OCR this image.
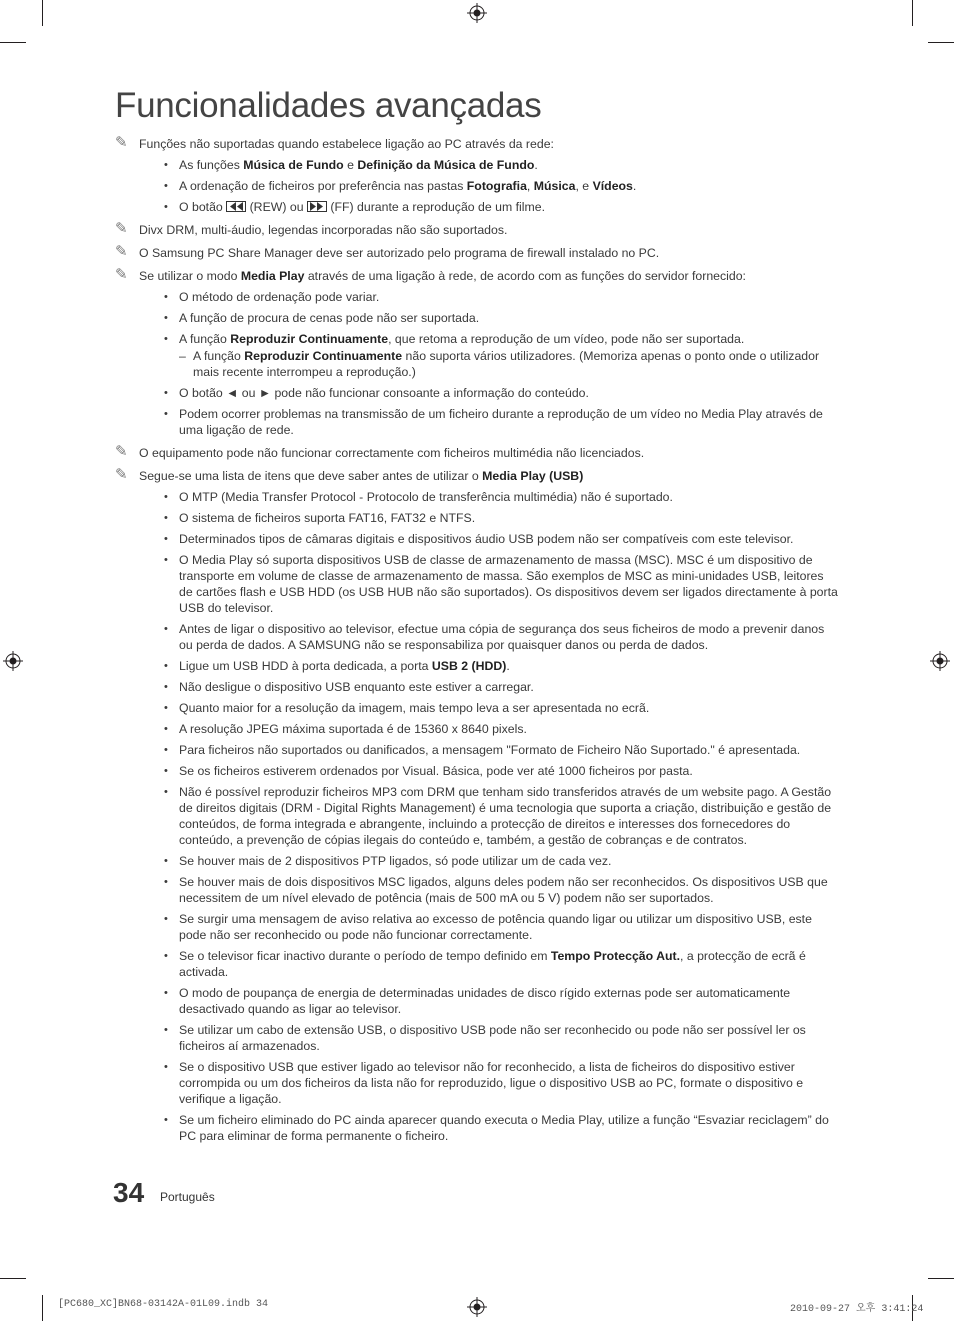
Funcionalidades avançadas
✎ Funções não suportadas quando estabelece ligação ao PC através da rede:
• As funções Música de Fundo e Definição da Música de Fundo.
• A ordenação de ficheiros por preferência nas pastas Fotografia, Música, e Vídeos.
• O botão
(REW) ou
(FF) durante a reprodução de um filme.
✎ Divx DRM, multi-áudio, legendas incorporadas não são suportados.
✎ O Samsung PC Share Manager deve ser autorizado pelo programa de firewall instalado no PC.
✎ Se utilizar o modo Media Play através de uma ligação à rede, de acordo com as funções do servidor fornecido:
• O método de ordenação pode variar.
• A função de procura de cenas pode não ser suportada.
• A função Reproduzir Continuamente, que retoma a reprodução de um vídeo, pode não ser suportada.
– A função Reproduzir Continuamente não suporta vários utilizadores. (Memoriza apenas o ponto onde o utilizador mais recente interrompeu a reprodução.)
• O botão ◄ ou ► pode não funcionar consoante a informação do conteúdo.
• Podem ocorrer problemas na transmissão de um ficheiro durante a reprodução de um vídeo no Media Play através de uma ligação de rede.
✎ O equipamento pode não funcionar correctamente com ficheiros multimédia não licenciados.
✎ Segue-se uma lista de itens que deve saber antes de utilizar o Media Play (USB)
• O MTP (Media Transfer Protocol - Protocolo de transferência multimédia) não é suportado.
• O sistema de ficheiros suporta FAT16, FAT32 e NTFS.
• Determinados tipos de câmaras digitais e dispositivos áudio USB podem não ser compatíveis com este televisor.
• O Media Play só suporta dispositivos USB de classe de armazenamento de massa (MSC). MSC é um dispositivo de transporte em volume de classe de armazenamento de massa. São exemplos de MSC as mini-unidades USB, leitores de cartões flash e USB HDD (os USB HUB não são suportados). Os dispositivos devem ser ligados directamente à porta USB do televisor.
• Antes de ligar o dispositivo ao televisor, efectue uma cópia de segurança dos seus ficheiros de modo a prevenir danos ou perda de dados. A SAMSUNG não se responsabiliza por quaisquer danos ou perda de dados.
• Ligue um USB HDD à porta dedicada, a porta USB 2 (HDD).
• Não desligue o dispositivo USB enquanto este estiver a carregar.
• Quanto maior for a resolução da imagem, mais tempo leva a ser apresentada no ecrã.
• A resolução JPEG máxima suportada é de 15360 x 8640 pixels.
• Para ficheiros não suportados ou danificados, a mensagem "Formato de Ficheiro Não Suportado." é apresentada.
• Se os ficheiros estiverem ordenados por Visual. Básica, pode ver até 1000 ficheiros por pasta.
• Não é possível reproduzir ficheiros MP3 com DRM que tenham sido transferidos através de um website pago. A Gestão de direitos digitais (DRM - Digital Rights Management) é uma tecnologia que suporta a criação, distribuição e gestão de conteúdos, de forma integrada e abrangente, incluindo a protecção de direitos e interesses dos fornecedores do conteúdo, a prevenção de cópias ilegais do conteúdo e, também, a gestão de cobranças e de contratos.
• Se houver mais de 2 dispositivos PTP ligados, só pode utilizar um de cada vez.
• Se houver mais de dois dispositivos MSC ligados, alguns deles podem não ser reconhecidos. Os dispositivos USB que necessitem de um nível elevado de potência (mais de 500 mA ou 5 V) podem não ser suportados.
• Se surgir uma mensagem de aviso relativa ao excesso de potência quando ligar ou utilizar um dispositivo USB, este pode não ser reconhecido ou pode não funcionar correctamente.
• Se o televisor ficar inactivo durante o período de tempo definido em Tempo Protecção Aut., a protecção de ecrã é activada.
• O modo de poupança de energia de determinadas unidades de disco rígido externas pode ser automaticamente desactivado quando as ligar ao televisor.
• Se utilizar um cabo de extensão USB, o dispositivo USB pode não ser reconhecido ou pode não ser possível ler os ficheiros aí armazenados.
• Se o dispositivo USB que estiver ligado ao televisor não for reconhecido, a lista de ficheiros do dispositivo estiver corrompida ou um dos ficheiros da lista não for reproduzido, ligue o dispositivo USB ao PC, formate o dispositivo e verifique a ligação.
• Se um ficheiro eliminado do PC ainda aparecer quando executa o Media Play, utilize a função “Esvaziar reciclagem” do PC para eliminar de forma permanente o ficheiro.
34 Português
[PC680_XC]BN68-03142A-01L09.indb 34	2010-09-27 오후 3:41:24
